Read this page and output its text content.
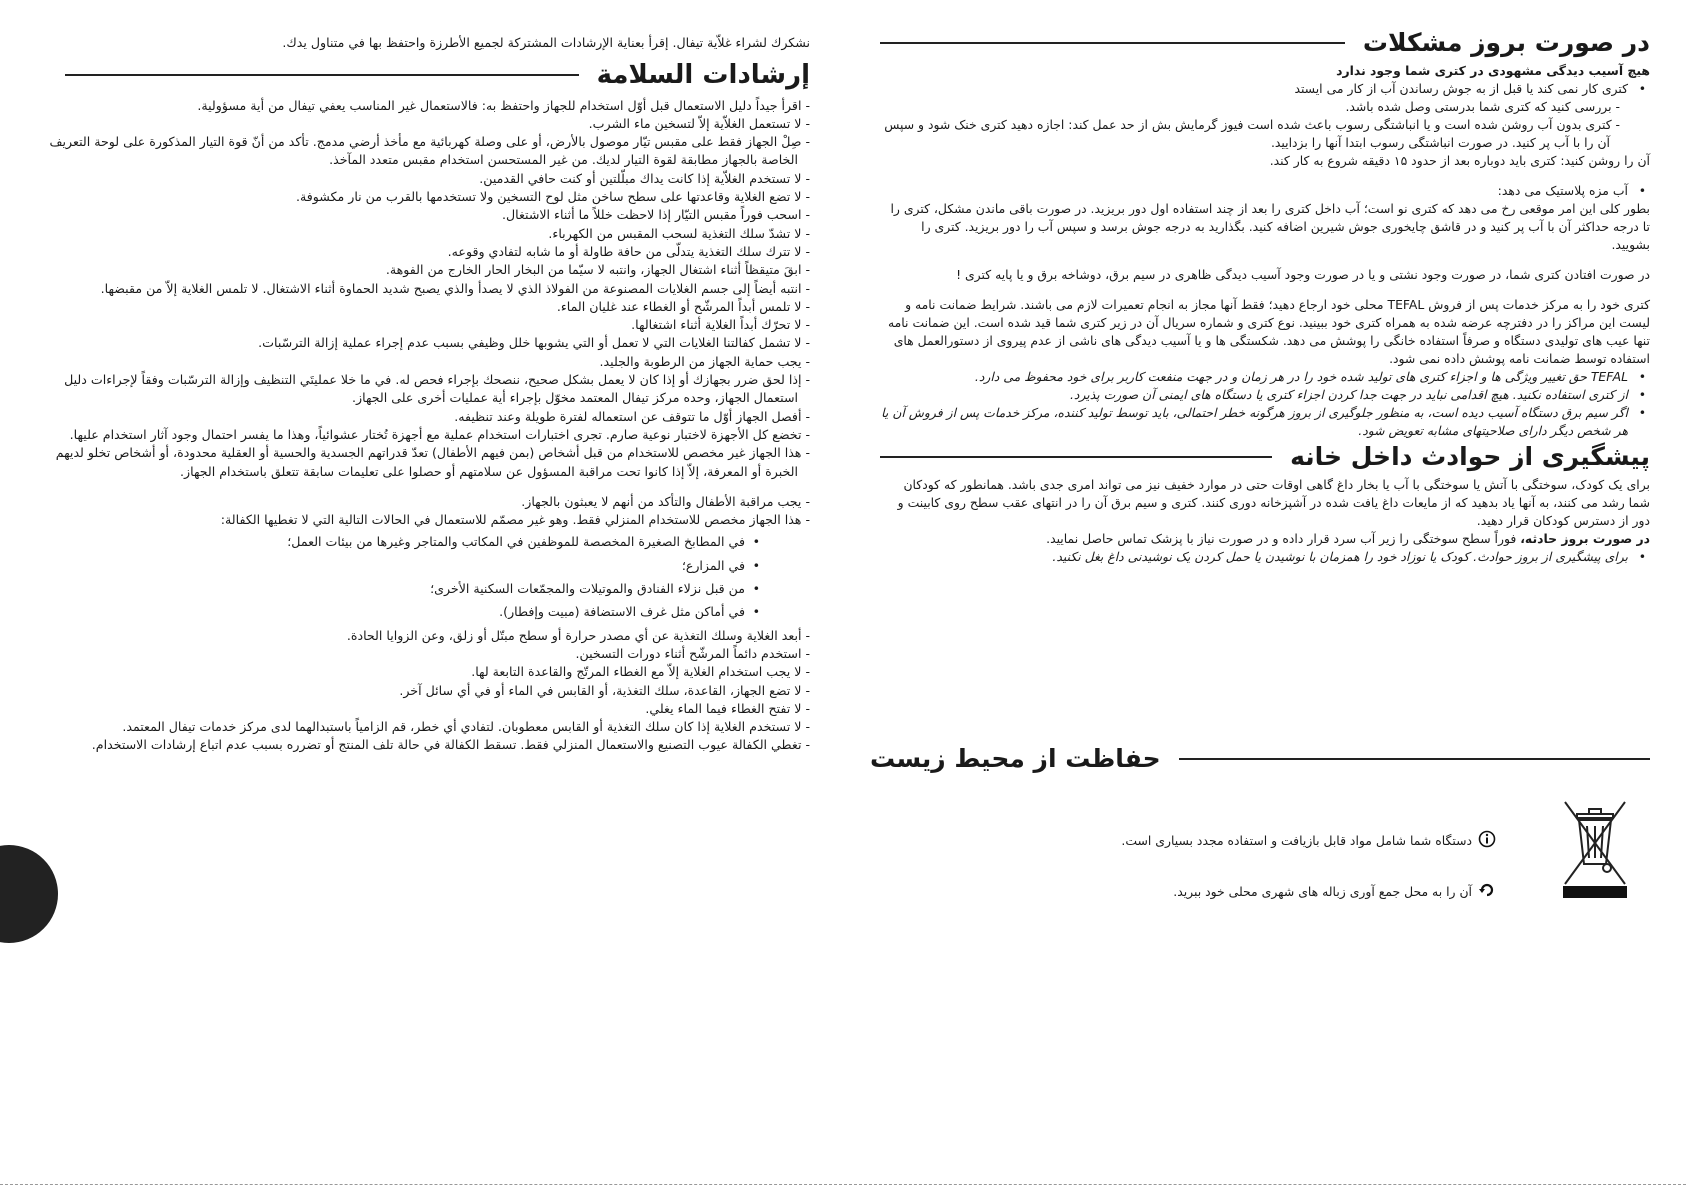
نشكرك لشراء غلاّية تيفال. إقرأ بعناية الإرشادات المشتركة لجميع الأطرزة واحتفظ بها في متناول يدك.

إرشادات السلامة

- اقرأ جيداً دليل الاستعمال قبل أوّل استخدام للجهاز واحتفظ به: فالاستعمال غير المناسب يعفي تيفال من أية مسؤولية.

- لا تستعمل الغلاّية إلاّ لتسخين ماء الشرب.

- صِلْ الجهاز فقط على مقبس تيّار موصول بالأرض، أو على وصلة كهربائية مع مأخذ أرضي مدمج. تأكد من أنّ قوة التيار المذكورة على لوحة التعريف الخاصة بالجهاز مطابقة لقوة التيار لديك. من غير المستحسن استخدام مقبس متعدد المآخذ.

- لا تستخدم الغلاّية إذا كانت يداك مبلّلتين أو كنت حافي القدمين.

- لا تضع الغلاية وقاعدتها على سطح ساخن مثل لوح التسخين ولا تستخدمها بالقرب من نار مكشوفة.

- اسحب فوراً مقبس التيّار إذا لاحظت خللاً ما أثناء الاشتغال.

- لا تشدّ سلك التغذية لسحب المقبس من الكهرباء.

- لا تترك سلك التغذية يتدلّى من حافة طاولة أو ما شابه لتفادي وقوعه.

- ابقَ متيقظاً أثناء اشتغال الجهاز، وانتبه لا سيّما من البخار الحار الخارج من الفوهة.

- انتبه أيضاً إلى جسم الغلايات المصنوعة من الفولاذ الذي لا يصدأ والذي يصبح شديد الحماوة أثناء الاشتغال. لا تلمس الغلاية إلاّ من مقبضها.

- لا تلمس أبداً المرشّح أو الغطاء عند غليان الماء.

- لا تحرّك أبداً الغلاية أثناء اشتغالها.

- لا تشمل كفالتنا الغلايات التي لا تعمل أو التي يشوبها خلل وظيفي بسبب عدم إجراء عملية إزالة الترسّبات.

- يجب حماية الجهاز من الرطوبة والجليد.

- إذا لحق ضرر بجهازك أو إذا كان لا يعمل بشكل صحيح، ننصحك بإجراء فحص له. في ما خلا عمليتَي التنظيف وإزالة الترسّبات وفقاً لإجراءات دليل استعمال الجهاز، وحده مركز تيفال المعتمد مخوّل بإجراء أية عمليات أخرى على الجهاز.

- أفصل الجهاز أوّل ما تتوقف عن استعماله لفترة طويلة وعند تنظيفه.

- تخضع كل الأجهزة لاختبار نوعية صارم. تجرى اختبارات استخدام عملية مع أجهزة تُختار عشوائياً، وهذا ما يفسر احتمال وجود آثار استخدام عليها.

- هذا الجهاز غير مخصص للاستخدام من قبل أشخاص (بمن فيهم الأطفال) تعدّ قدراتهم الجسدية والحسية أو العقلية محدودة، أو أشخاص تخلو لديهم الخبرة أو المعرفة، إلاّ إذا كانوا تحت مراقبة المسؤول عن سلامتهم أو حصلوا على تعليمات سابقة تتعلق باستخدام الجهاز.

- يجب مراقبة الأطفال والتأكد من أنهم لا يعبثون بالجهاز.

- هذا الجهاز مخصص للاستخدام المنزلي فقط. وهو غير مصمّم للاستعمال في الحالات التالية التي لا تغطيها الكفالة:

• في المطابخ الصغيرة المخصصة للموظفين في المكاتب والمتاجر وغيرها من بيئات العمل؛

• في المزارع؛

• من قبل نزلاء الفنادق والموتيلات والمجمّعات السكنية الأخرى؛

• في أماكن مثل غرف الاستضافة (مبيت وإفطار).

- أبعد الغلاية وسلك التغذية عن أي مصدر حرارة أو سطح مبتّل أو زلق، وعن الزوايا الحادة.

- استخدم دائماً المرشّح أثناء دورات التسخين.

- لا يجب استخدام الغلاية إلاّ مع الغطاء المرتّج والقاعدة التابعة لها.

- لا تضع الجهاز، القاعدة، سلك التغذية، أو القابس في الماء أو في أي سائل آخر.

- لا تفتح الغطاء فيما الماء يغلي.

- لا تستخدم الغلاية إذا كان سلك التغذية أو القابس معطوبان. لتفادي أي خطر، قم الزامياً باستبدالهما لدى مركز خدمات تيفال المعتمد.

- تغطي الكفالة عيوب التصنيع والاستعمال المنزلي فقط. تسقط الكفالة في حالة تلف المنتج أو تضرره بسبب عدم اتباع إرشادات الاستخدام.

در صورت بروز مشکلات

هیچ آسیب دیدگی مشهودی در کتری شما وجود ندارد

• کتری کار نمی کند یا قبل از به جوش رساندن آب از کار می ایستد

- بررسی کنید که کتری شما بدرستی وصل شده باشد.

- کتری بدون آب روشن شده است و یا انباشتگی رسوب باعث شده است فیوز گرمایش بش از حد عمل کند: اجازه دهید کتری خنک شود و سپس آن را با آب پر کنید. در صورت انباشتگی رسوب ابتدا آنها را بزدایید.

آن را روشن کنید: کتری باید دوباره بعد از حدود ۱۵ دقیقه شروع به کار کند.

• آب مزه پلاستیک می دهد:

بطور کلی این امر موقعی رخ می دهد که کتری نو است؛ آب داخل کتری را بعد از چند استفاده اول دور بریزید. در صورت باقی ماندن مشکل، کتری را تا درجه حداکثر آن با آب پر کنید و در قاشق چایخوری جوش شیرین اضافه کنید. بگذارید به درجه جوش برسد و سپس آب را دور بریزید. کتری را بشویید.

در صورت افتادن کتری شما، در صورت وجود نشتی و یا در صورت وجود آسیب دیدگی ظاهری در سیم برق، دوشاخه برق و یا پایه کتری !

کتری خود را به مرکز خدمات پس از فروش TEFAL محلی خود ارجاع دهید؛ فقط آنها مجاز به انجام تعمیرات لازم می باشند. شرایط ضمانت نامه و لیست این مراکز را در دفترچه عرضه شده به همراه کتری خود ببینید. نوع کتری و شماره سریال آن در زیر کتری شما قید شده است. این ضمانت نامه تنها عیب های تولیدی دستگاه و صرفاً استفاده خانگی را پوشش می دهد. شکستگی ها و یا آسیب دیدگی های ناشی از عدم پیروی از دستورالعمل های استفاده توسط ضمانت نامه پوشش داده نمی شود.

• TEFAL حق تغییر ویژگی ها و اجزاء کتری های تولید شده خود را در هر زمان و در جهت منفعت کاربر برای خود محفوظ می دارد.

• از کتری استفاده نکنید. هیچ اقدامی نباید در جهت جدا کردن اجزاء کتری یا دستگاه های ایمنی آن صورت پذیرد.

• اگر سیم برق دستگاه آسیب دیده است، به منظور جلوگیری از بروز هرگونه خطر احتمالی، باید توسط تولید کننده، مرکز خدمات پس از فروش آن یا هر شخص دیگر دارای صلاحیتهای مشابه تعویض شود.

پیشگیری از حوادث داخل خانه

برای یک کودک، سوختگی با آتش یا سوختگی با آب یا بخار داغ گاهی اوقات حتی در موارد خفیف نیز می تواند امری جدی باشد. همانطور که کودکان شما رشد می کنند، به آنها یاد بدهید که از مایعات داغ یافت شده در آشپزخانه دوری کنند. کتری و سیم برق آن را در انتهای عقب سطح روی کابینت و دور از دسترس کودکان قرار دهید.

در صورت بروز حادثه، فوراً سطح سوختگی را زیر آب سرد قرار داده و در صورت نیاز با پزشک تماس حاصل نمایید.

• برای پیشگیری از بروز حوادث. کودک یا نوزاد خود را همزمان با نوشیدن یا حمل کردن یک نوشیدنی داغ بغل نکنید.

حفاظت از محیط زیست
دستگاه شما شامل مواد قابل بازیافت و استفاده مجدد بسیاری است.
آن را به محل جمع آوری زباله های شهری محلی خود ببرید.
